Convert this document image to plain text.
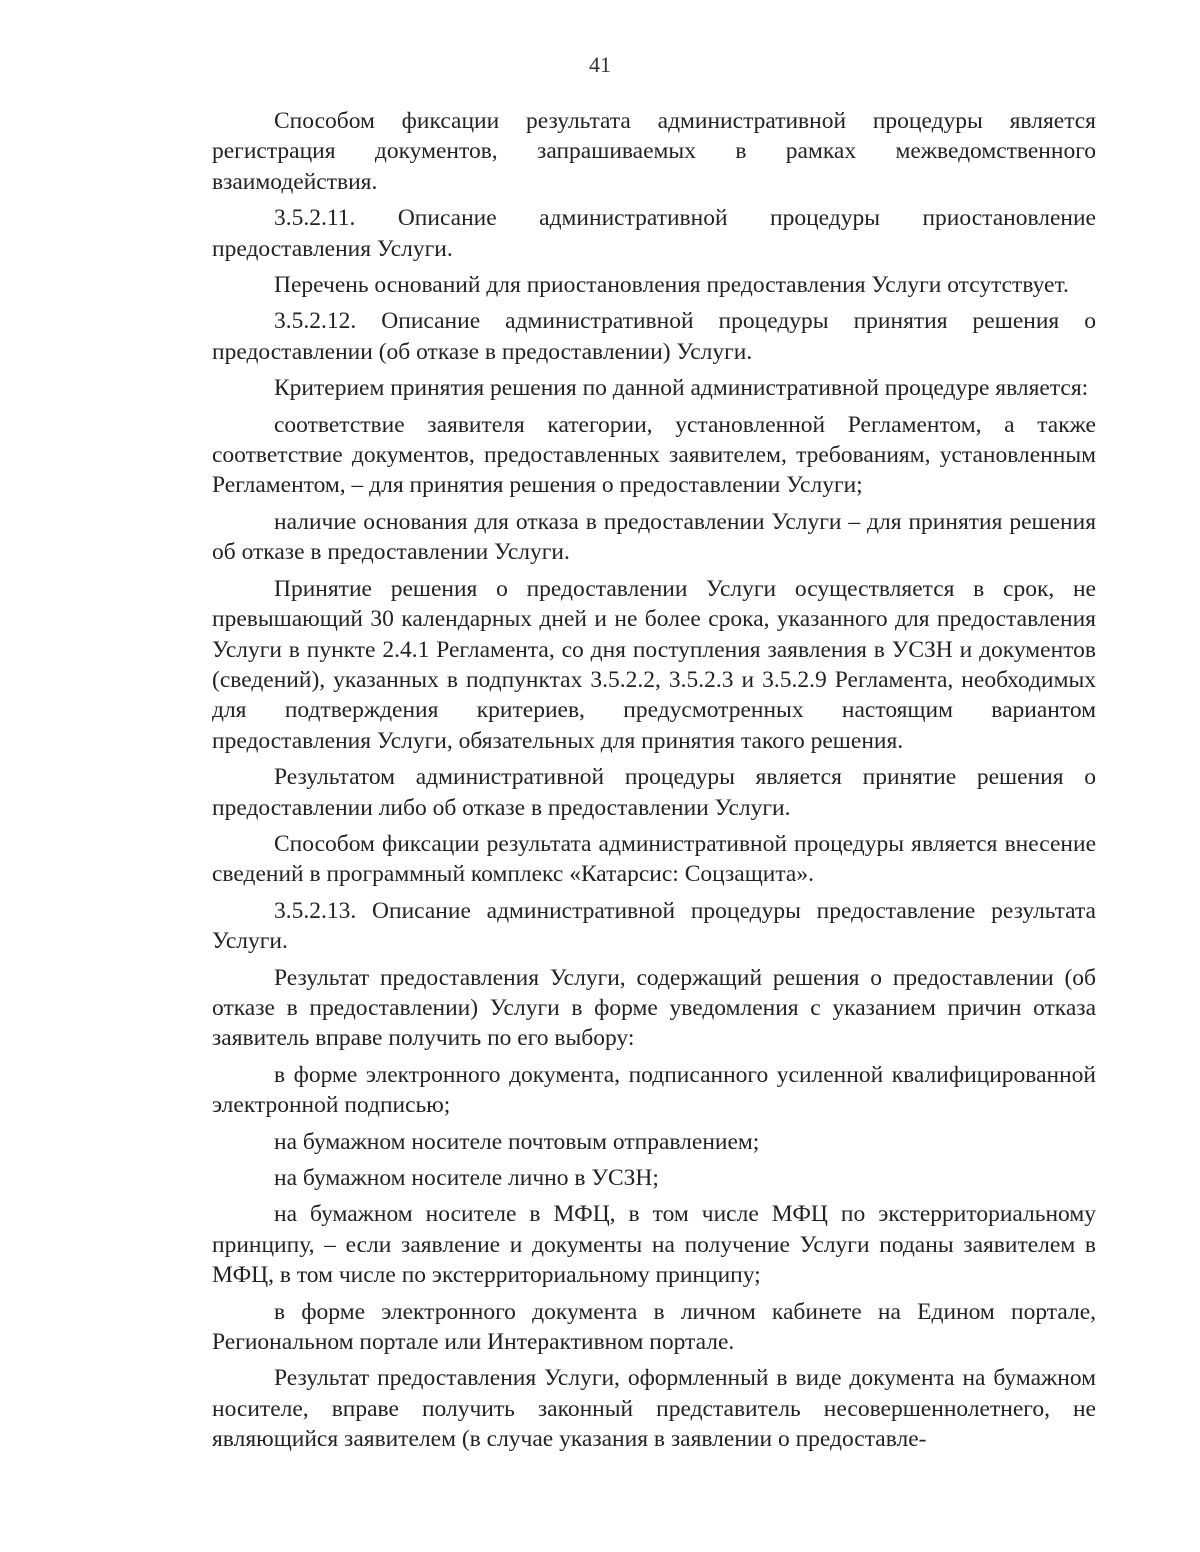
41

Способом фиксации результата административной процедуры является регистрация документов, запрашиваемых в рамках межведомственного взаимодействия.

3.5.2.11. Описание административной процедуры приостановление предоставления Услуги.

Перечень оснований для приостановления предоставления Услуги отсутствует.

3.5.2.12. Описание административной процедуры принятия решения о предоставлении (об отказе в предоставлении) Услуги.

Критерием принятия решения по данной административной процедуре является:

соответствие заявителя категории, установленной Регламентом, а также соответствие документов, предоставленных заявителем, требованиям, установленным Регламентом, – для принятия решения о предоставлении Услуги;

наличие основания для отказа в предоставлении Услуги – для принятия решения об отказе в предоставлении Услуги.

Принятие решения о предоставлении Услуги осуществляется в срок, не превышающий 30 календарных дней и не более срока, указанного для предоставления Услуги в пункте 2.4.1 Регламента, со дня поступления заявления в УСЗН и документов (сведений), указанных в подпунктах 3.5.2.2, 3.5.2.3 и 3.5.2.9 Регламента, необходимых для подтверждения критериев, предусмотренных настоящим вариантом предоставления Услуги, обязательных для принятия такого решения.

Результатом административной процедуры является принятие решения о предоставлении либо об отказе в предоставлении Услуги.

Способом фиксации результата административной процедуры является внесение сведений в программный комплекс «Катарсис: Соцзащита».

3.5.2.13. Описание административной процедуры предоставление результата Услуги.

Результат предоставления Услуги, содержащий решения о предоставлении (об отказе в предоставлении) Услуги в форме уведомления с указанием причин отказа заявитель вправе получить по его выбору:

в форме электронного документа, подписанного усиленной квалифицированной электронной подписью;

на бумажном носителе почтовым отправлением;

на бумажном носителе лично в УСЗН;

на бумажном носителе в МФЦ, в том числе МФЦ по экстерриториальному принципу, – если заявление и документы на получение Услуги поданы заявителем в МФЦ, в том числе по экстерриториальному принципу;

в форме электронного документа в личном кабинете на Едином портале, Региональном портале или Интерактивном портале.

Результат предоставления Услуги, оформленный в виде документа на бумажном носителе, вправе получить законный представитель несовершеннолетнего, не являющийся заявителем (в случае указания в заявлении о предоставле-
